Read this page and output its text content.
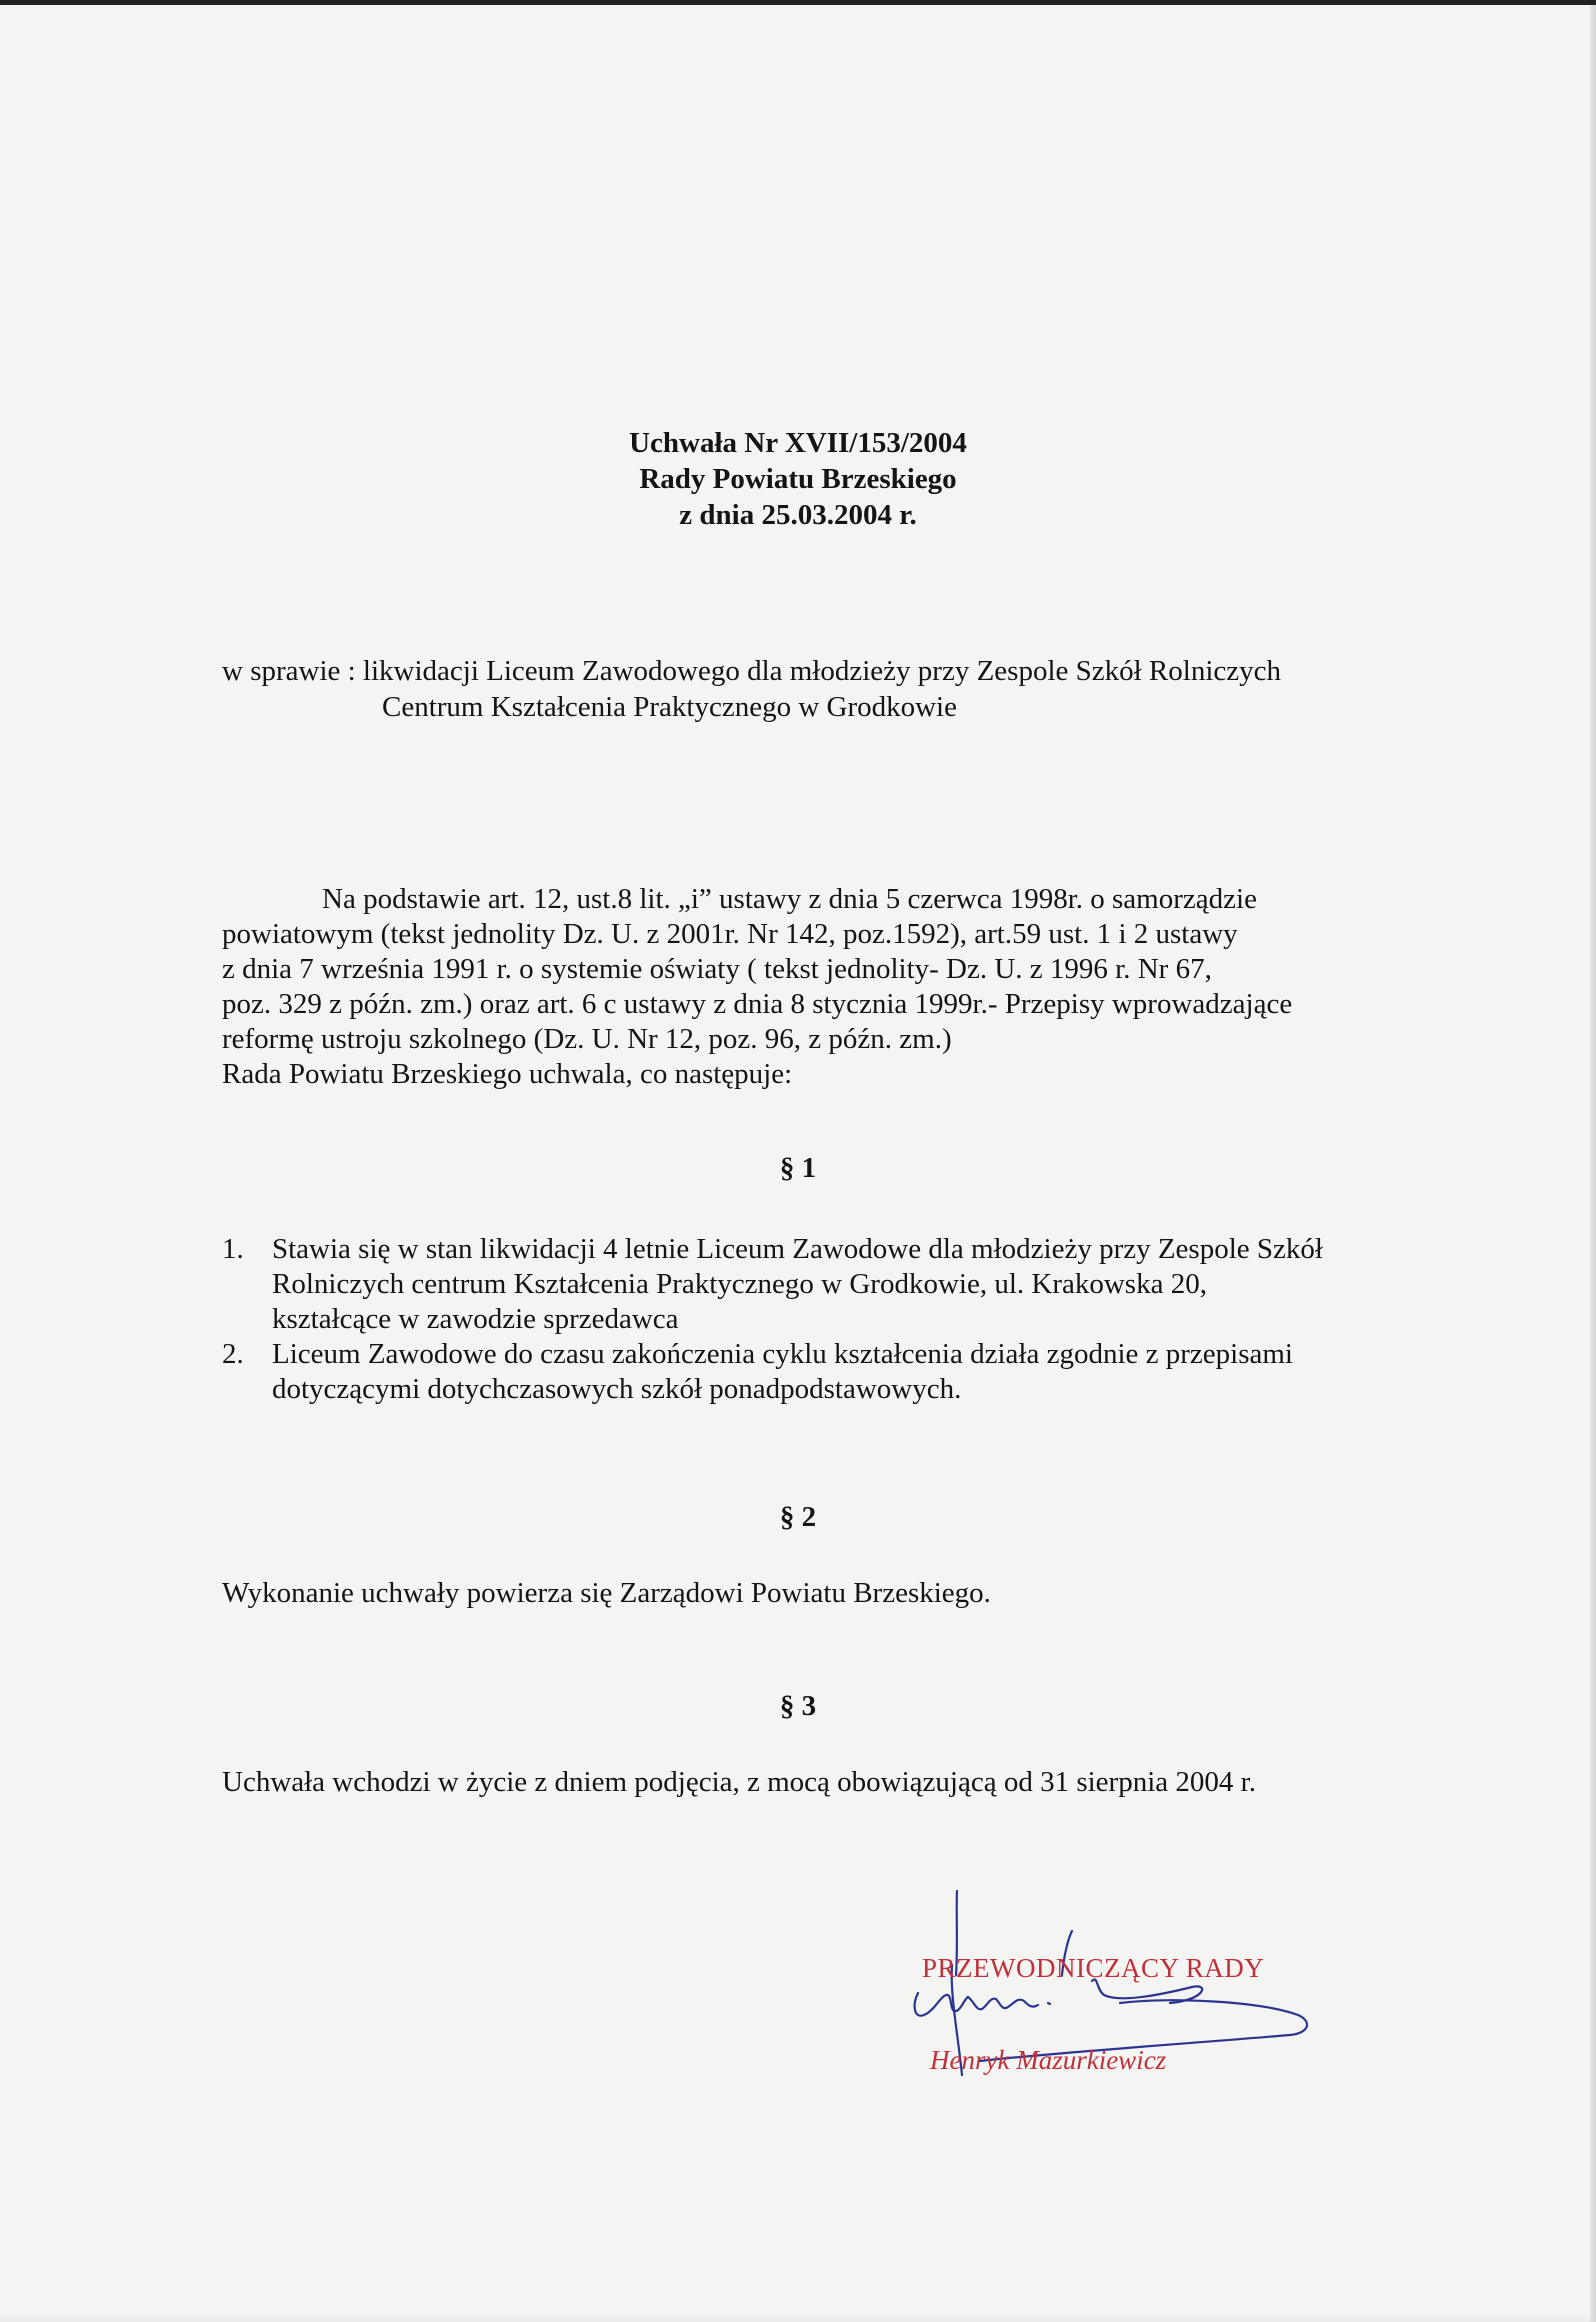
Uchwała Nr XVII/153/2004
Rady Powiatu Brzeskiego
z dnia 25.03.2004 r.
w sprawie : likwidacji Liceum Zawodowego dla młodzieży przy Zespole Szkół Rolniczych
Centrum Kształcenia Praktycznego w Grodkowie
Na podstawie art. 12, ust.8 lit. „i” ustawy z dnia 5 czerwca 1998r. o samorządzie
powiatowym (tekst jednolity Dz. U. z 2001r. Nr 142, poz.1592), art.59 ust. 1 i 2 ustawy
z dnia 7 września 1991 r. o systemie oświaty ( tekst jednolity- Dz. U. z 1996 r. Nr 67,
poz. 329 z późn. zm.) oraz art. 6 c ustawy z dnia 8 stycznia 1999r.- Przepisy wprowadzające
reformę ustroju szkolnego (Dz. U. Nr 12, poz. 96, z późn. zm.)
Rada Powiatu Brzeskiego uchwala, co następuje:
§ 1
1. Stawia się w stan likwidacji 4 letnie Liceum Zawodowe dla młodzieży przy Zespole Szkół
Rolniczych centrum Kształcenia Praktycznego w Grodkowie, ul. Krakowska 20,
kształcące w zawodzie sprzedawca
2. Liceum Zawodowe do czasu zakończenia cyklu kształcenia działa zgodnie z przepisami
dotyczącymi dotychczasowych szkół ponadpodstawowych.
§ 2
Wykonanie uchwały powierza się Zarządowi Powiatu Brzeskiego.
§ 3
Uchwała wchodzi w życie z dniem podjęcia, z mocą obowiązującą od 31 sierpnia 2004 r.
PRZEWODNICZĄCY RADY
Henryk Mazurkiewicz
